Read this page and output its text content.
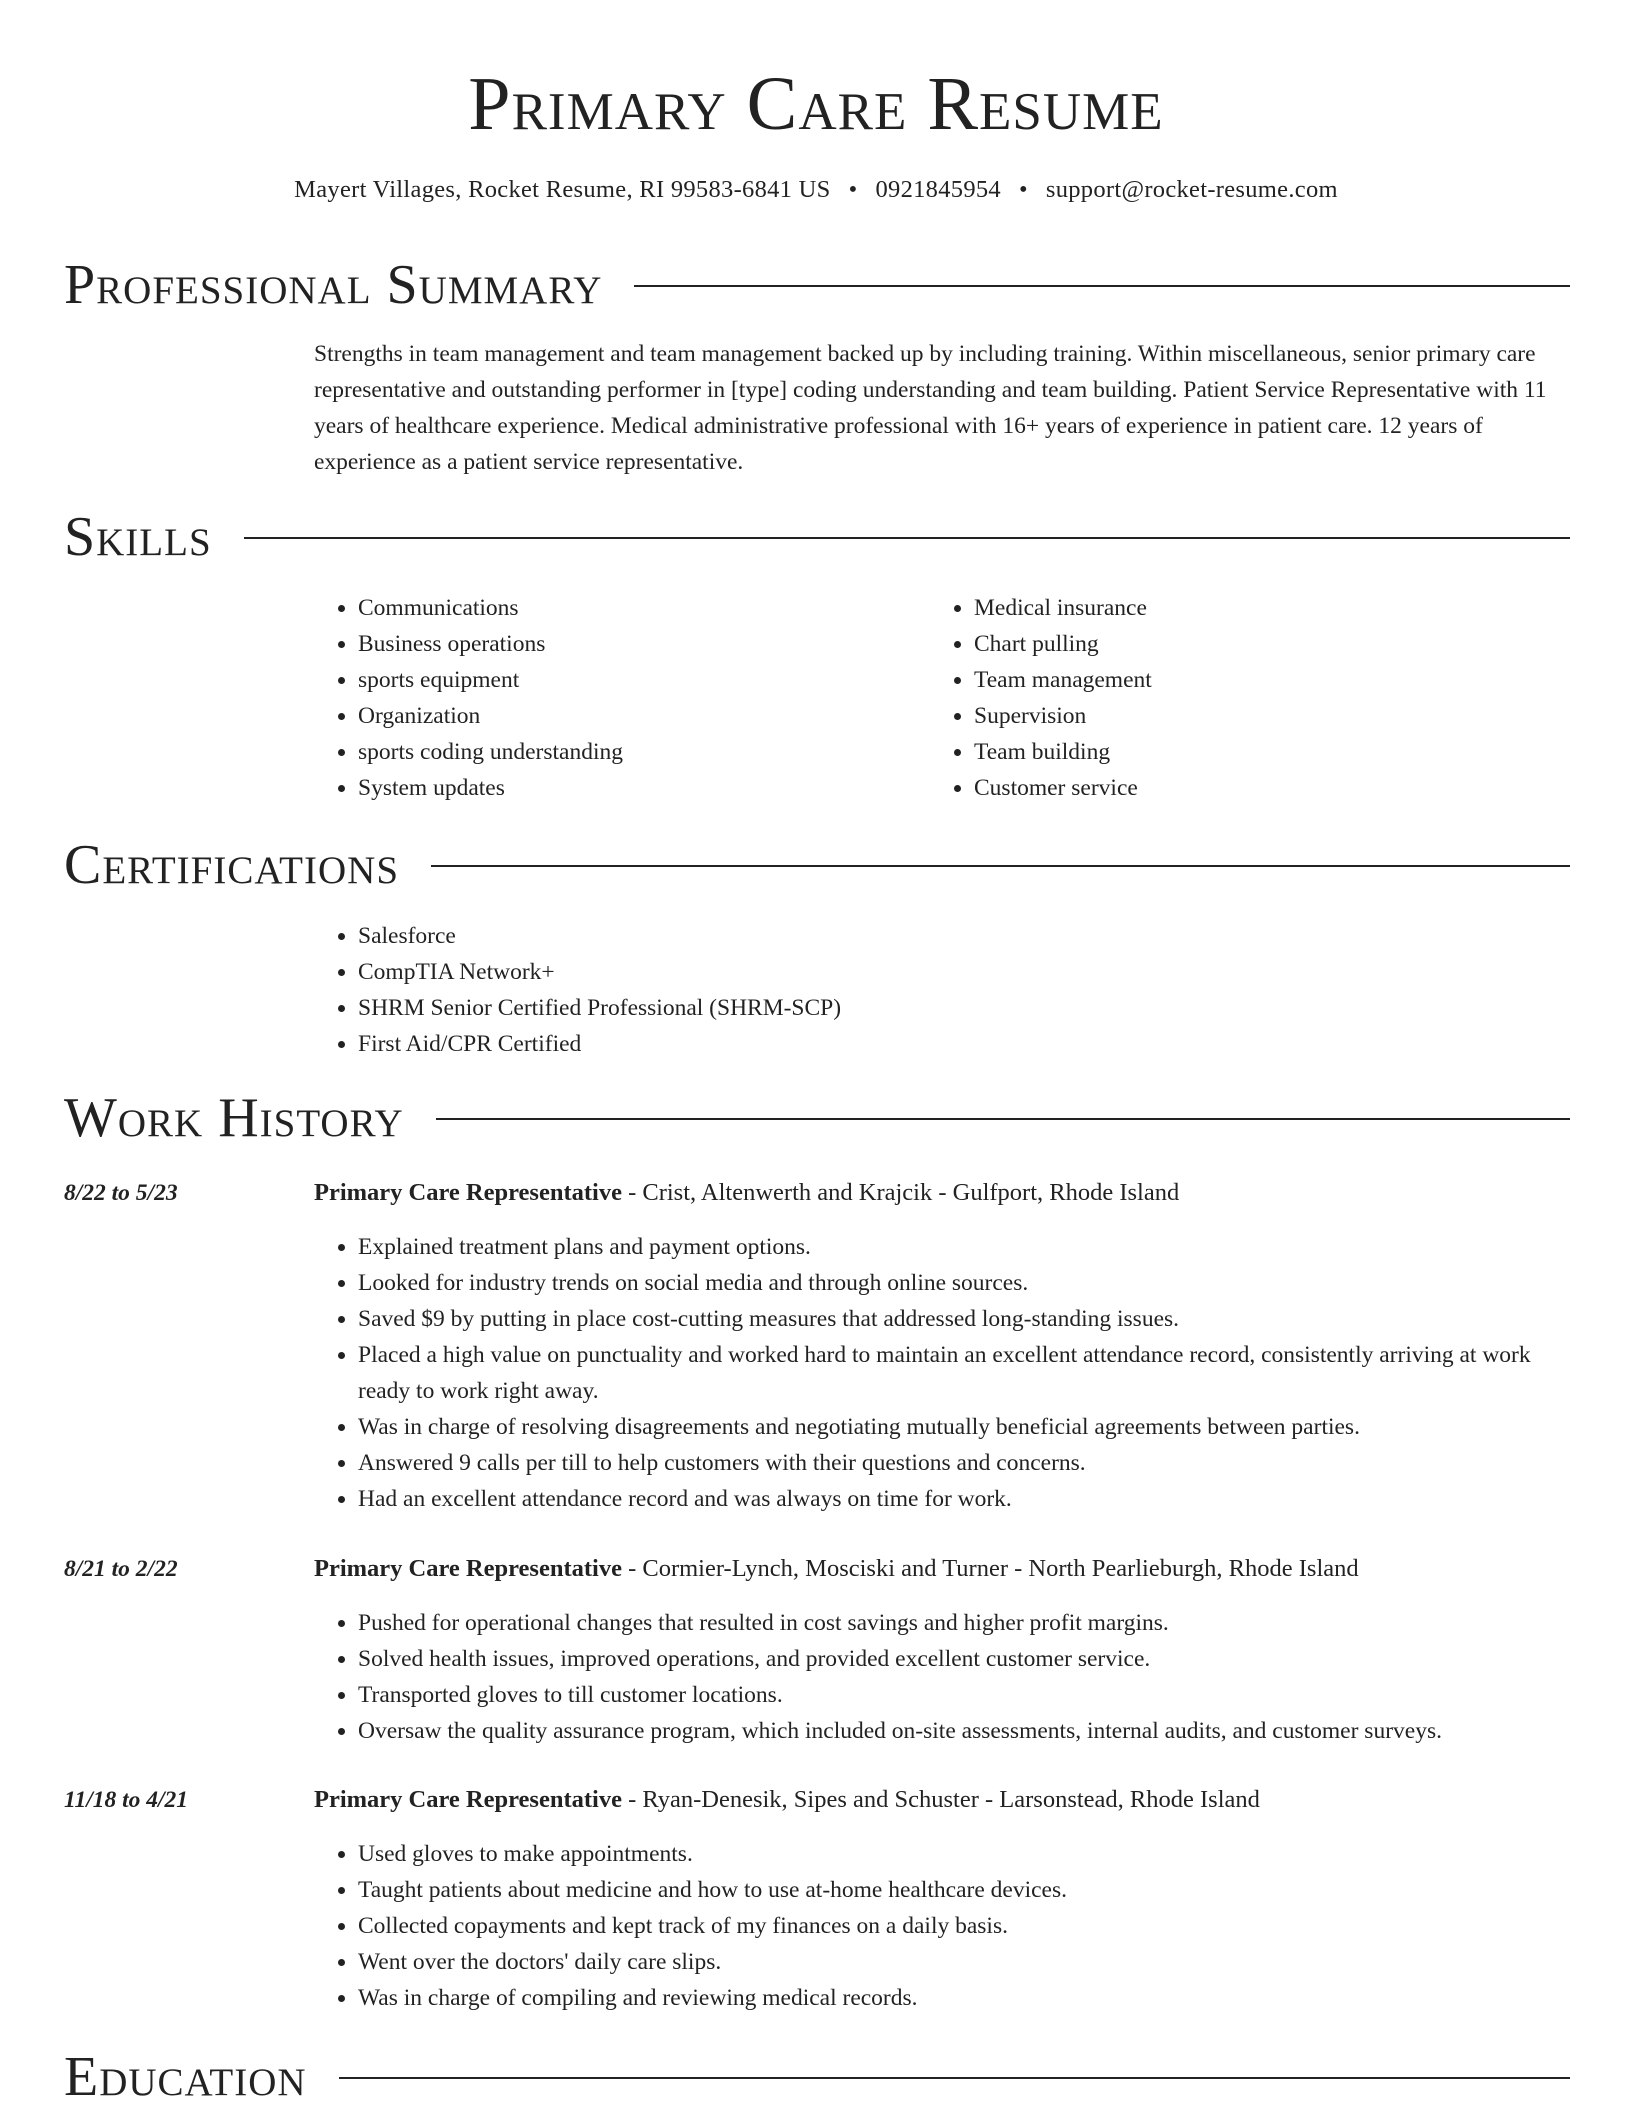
Primary Care Resume
Mayert Villages, Rocket Resume, RI 99583-6841 US • 0921845954 • support@rocket-resume.com
Professional Summary

Strengths in team management and team management backed up by including training. Within miscellaneous, senior primary care representative and outstanding performer in [type] coding understanding and team building. Patient Service Representative with 11 years of healthcare experience. Medical administrative professional with 16+ years of experience in patient care. 12 years of experience as a patient service representative.

Skills
• Communications
• Business operations
• sports equipment
• Organization
• sports coding understanding
• System updates
• Medical insurance
• Chart pulling
• Team management
• Supervision
• Team building
• Customer service
Certifications
• Salesforce
• CompTIA Network+
• SHRM Senior Certified Professional (SHRM-SCP)
• First Aid/CPR Certified
Work History
8/22 to 5/23	Primary Care Representative - Crist, Altenwerth and Krajcik - Gulfport, Rhode Island
• Explained treatment plans and payment options.
• Looked for industry trends on social media and through online sources.
• Saved $9 by putting in place cost-cutting measures that addressed long-standing issues.
• Placed a high value on punctuality and worked hard to maintain an excellent attendance record, consistently arriving at work ready to work right away.
• Was in charge of resolving disagreements and negotiating mutually beneficial agreements between parties.
• Answered 9 calls per till to help customers with their questions and concerns.
• Had an excellent attendance record and was always on time for work.
8/21 to 2/22	Primary Care Representative - Cormier-Lynch, Mosciski and Turner - North Pearlieburgh, Rhode Island
• Pushed for operational changes that resulted in cost savings and higher profit margins.
• Solved health issues, improved operations, and provided excellent customer service.
• Transported gloves to till customer locations.
• Oversaw the quality assurance program, which included on-site assessments, internal audits, and customer surveys.
11/18 to 4/21	Primary Care Representative - Ryan-Denesik, Sipes and Schuster - Larsonstead, Rhode Island
• Used gloves to make appointments.
• Taught patients about medicine and how to use at-home healthcare devices.
• Collected copayments and kept track of my finances on a daily basis.
• Went over the doctors' daily care slips.
• Was in charge of compiling and reviewing medical records.
Education
